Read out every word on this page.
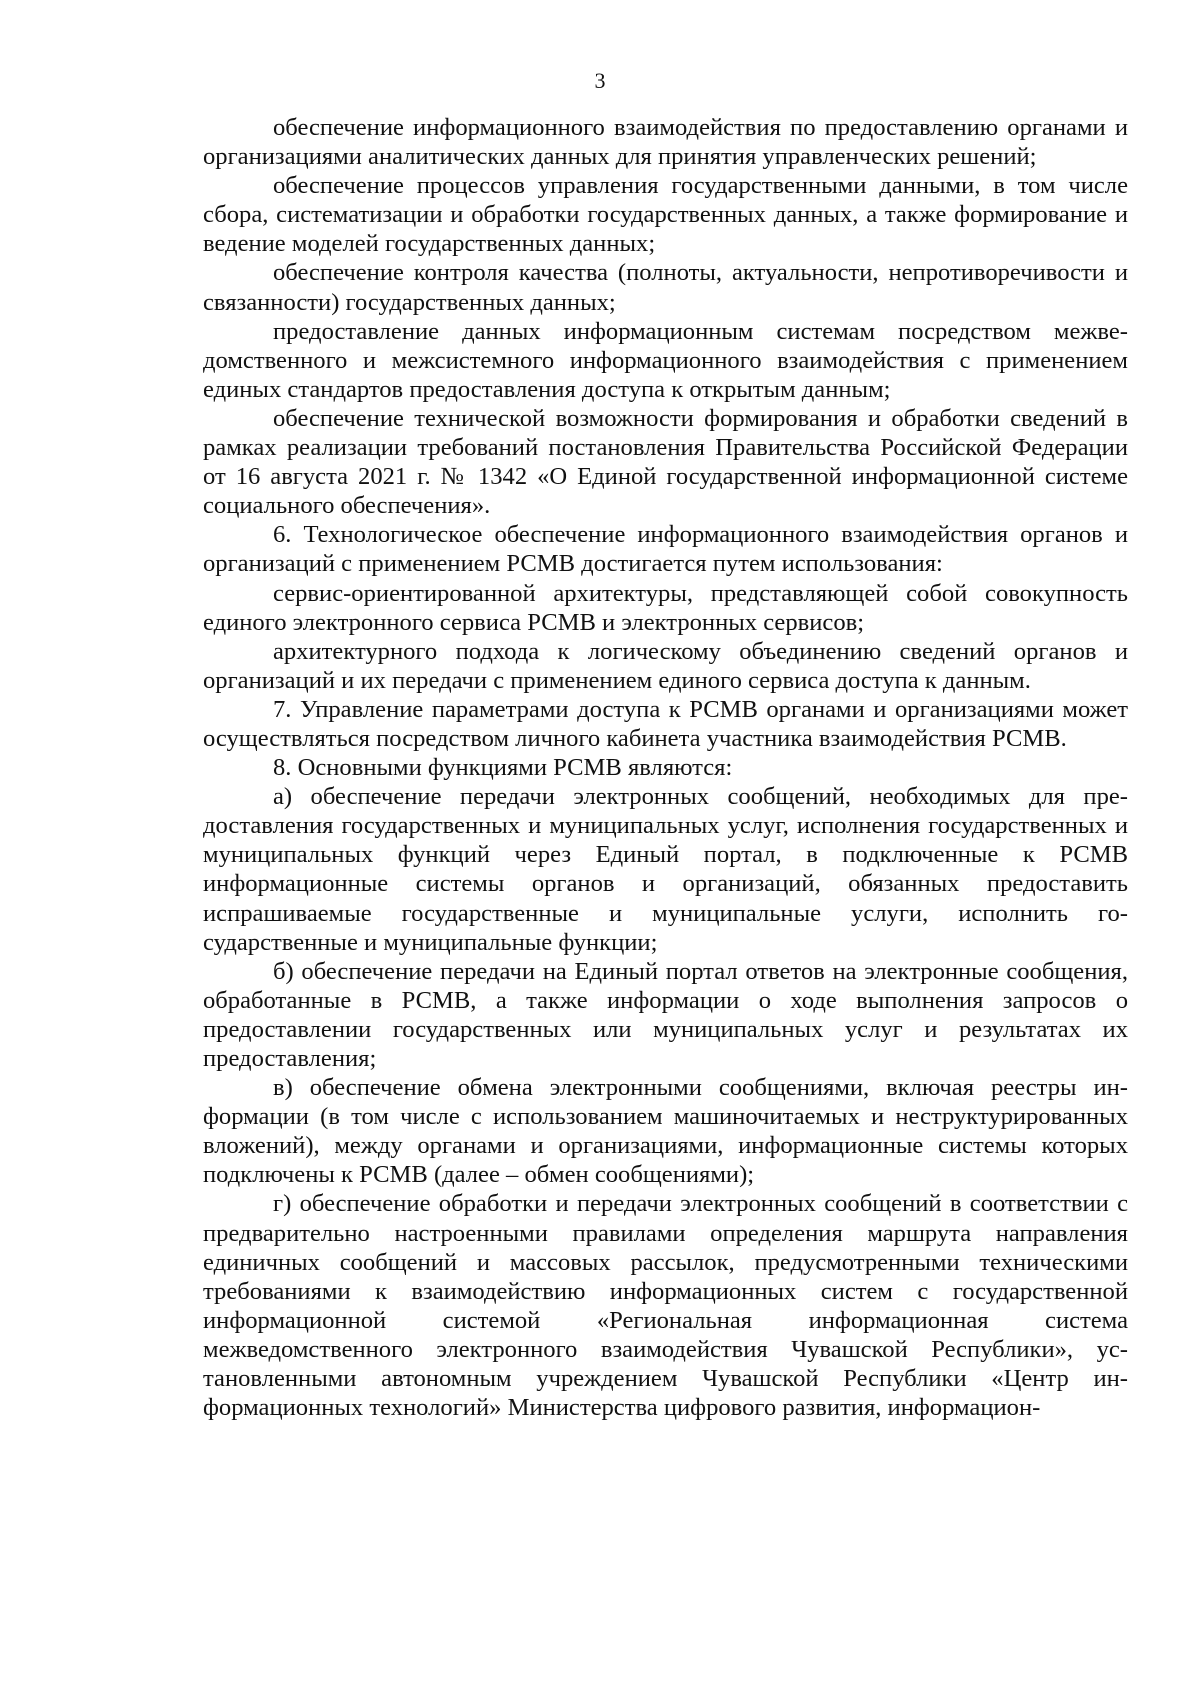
3

обеспечение информационного взаимодействия по предоставлению органами и организациями аналитических данных для принятия управленческих решений;

обеспечение процессов управления государственными данными, в том числе сбора, систематизации и обработки государственных данных, а также формирование и ведение моделей государственных данных;

обеспечение контроля качества (полноты, актуальности, непротиворечивости и связанности) государственных данных;

предоставление данных информационным системам посредством межведомственного и межсистемного информационного взаимодействия с применением единых стандартов предоставления доступа к открытым данным;

обеспечение технической возможности формирования и обработки сведений в рамках реализации требований постановления Правительства Российской Федерации от 16 августа 2021 г. № 1342 «О Единой государственной информационной системе социального обеспечения».

6. Технологическое обеспечение информационного взаимодействия органов и организаций с применением РСМВ достигается путем использования:

сервис-ориентированной архитектуры, представляющей собой совокупность единого электронного сервиса РСМВ и электронных сервисов;

архитектурного подхода к логическому объединению сведений органов и организаций и их передачи с применением единого сервиса доступа к данным.

7. Управление параметрами доступа к РСМВ органами и организациями может осуществляться посредством личного кабинета участника взаимодействия РСМВ.

8. Основными функциями РСМВ являются:

а) обеспечение передачи электронных сообщений, необходимых для предоставления государственных и муниципальных услуг, исполнения государственных и муниципальных функций через Единый портал, в подключенные к РСМВ информационные системы органов и организаций, обязанных предоставить испрашиваемые государственные и муниципальные услуги, исполнить государственные и муниципальные функции;

б) обеспечение передачи на Единый портал ответов на электронные сообщения, обработанные в РСМВ, а также информации о ходе выполнения запросов о предоставлении государственных или муниципальных услуг и результатах их предоставления;

в) обеспечение обмена электронными сообщениями, включая реестры информации (в том числе с использованием машиночитаемых и неструктурированных вложений), между органами и организациями, информационные системы которых подключены к РСМВ (далее – обмен сообщениями);

г) обеспечение обработки и передачи электронных сообщений в соответствии с предварительно настроенными правилами определения маршрута направления единичных сообщений и массовых рассылок, предусмотренными техническими требованиями к взаимодействию информационных систем с государственной информационной системой «Региональная информационная система межведомственного электронного взаимодействия Чувашской Республики», установленными автономным учреждением Чувашской Республики «Центр информационных технологий» Министерства цифрового развития, информацион-
